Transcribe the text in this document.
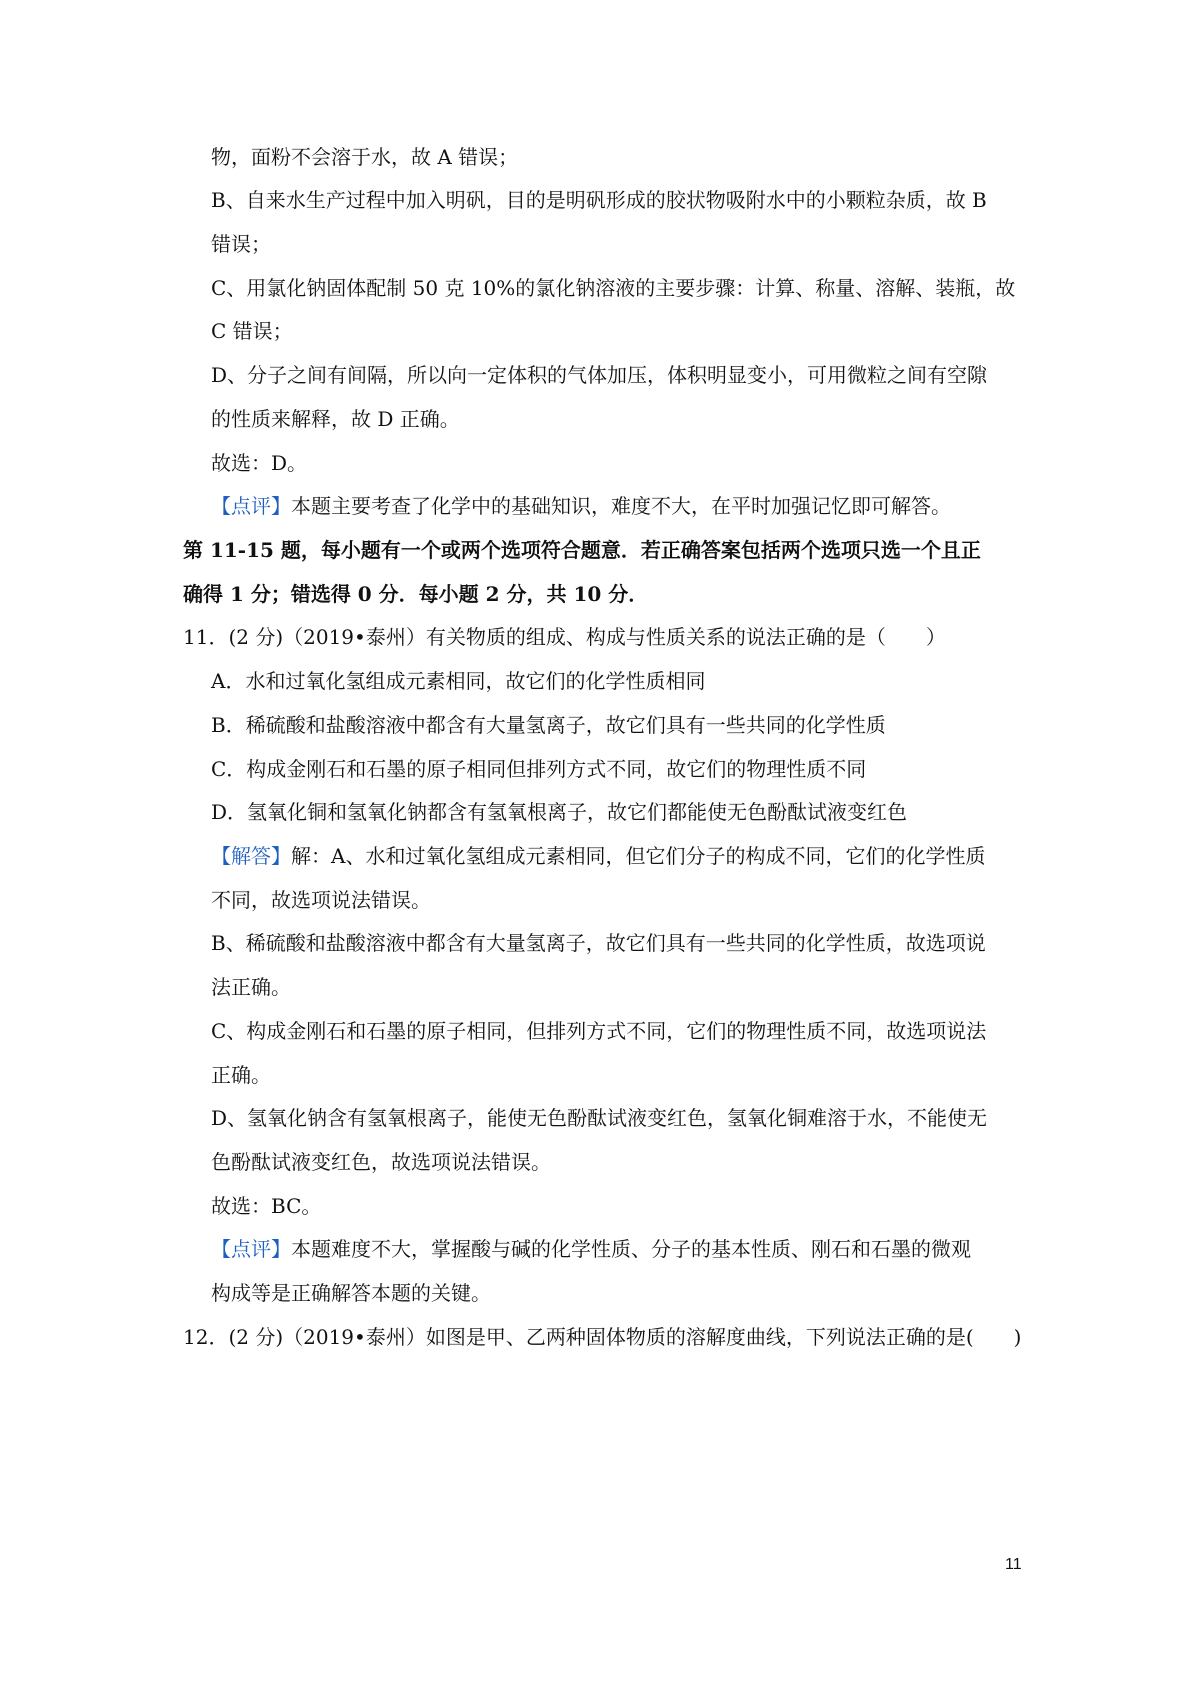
物，面粉不会溶于水，故 A 错误；
B、自来水生产过程中加入明矾，目的是明矾形成的胶状物吸附水中的小颗粒杂质，故 B
错误；
C、用氯化钠固体配制 50 克 10%的氯化钠溶液的主要步骤：计算、称量、溶解、装瓶，故
C 错误；
D、分子之间有间隔，所以向一定体积的气体加压，体积明显变小，可用微粒之间有空隙
的性质来解释，故 D 正确。
故选：D。
【点评】本题主要考查了化学中的基础知识，难度不大，在平时加强记忆即可解答。
第 11-15 题，每小题有一个或两个选项符合题意．若正确答案包括两个选项只选一个且正
确得 1 分；错选得 0 分．每小题 2 分，共 10 分．
11．(2 分)（2019•泰州）有关物质的组成、构成与性质关系的说法正确的是（　　）
A．水和过氧化氢组成元素相同，故它们的化学性质相同
B．稀硫酸和盐酸溶液中都含有大量氢离子，故它们具有一些共同的化学性质
C．构成金刚石和石墨的原子相同但排列方式不同，故它们的物理性质不同
D．氢氧化铜和氢氧化钠都含有氢氧根离子，故它们都能使无色酚酞试液变红色
【解答】解：A、水和过氧化氢组成元素相同，但它们分子的构成不同，它们的化学性质
不同，故选项说法错误。
B、稀硫酸和盐酸溶液中都含有大量氢离子，故它们具有一些共同的化学性质，故选项说
法正确。
C、构成金刚石和石墨的原子相同，但排列方式不同，它们的物理性质不同，故选项说法
正确。
D、氢氧化钠含有氢氧根离子，能使无色酚酞试液变红色，氢氧化铜难溶于水，不能使无
色酚酞试液变红色，故选项说法错误。
故选：BC。
【点评】本题难度不大，掌握酸与碱的化学性质、分子的基本性质、刚石和石墨的微观
构成等是正确解答本题的关键。
12．(2 分)（2019•泰州）如图是甲、乙两种固体物质的溶解度曲线，下列说法正确的是(　　)
11
